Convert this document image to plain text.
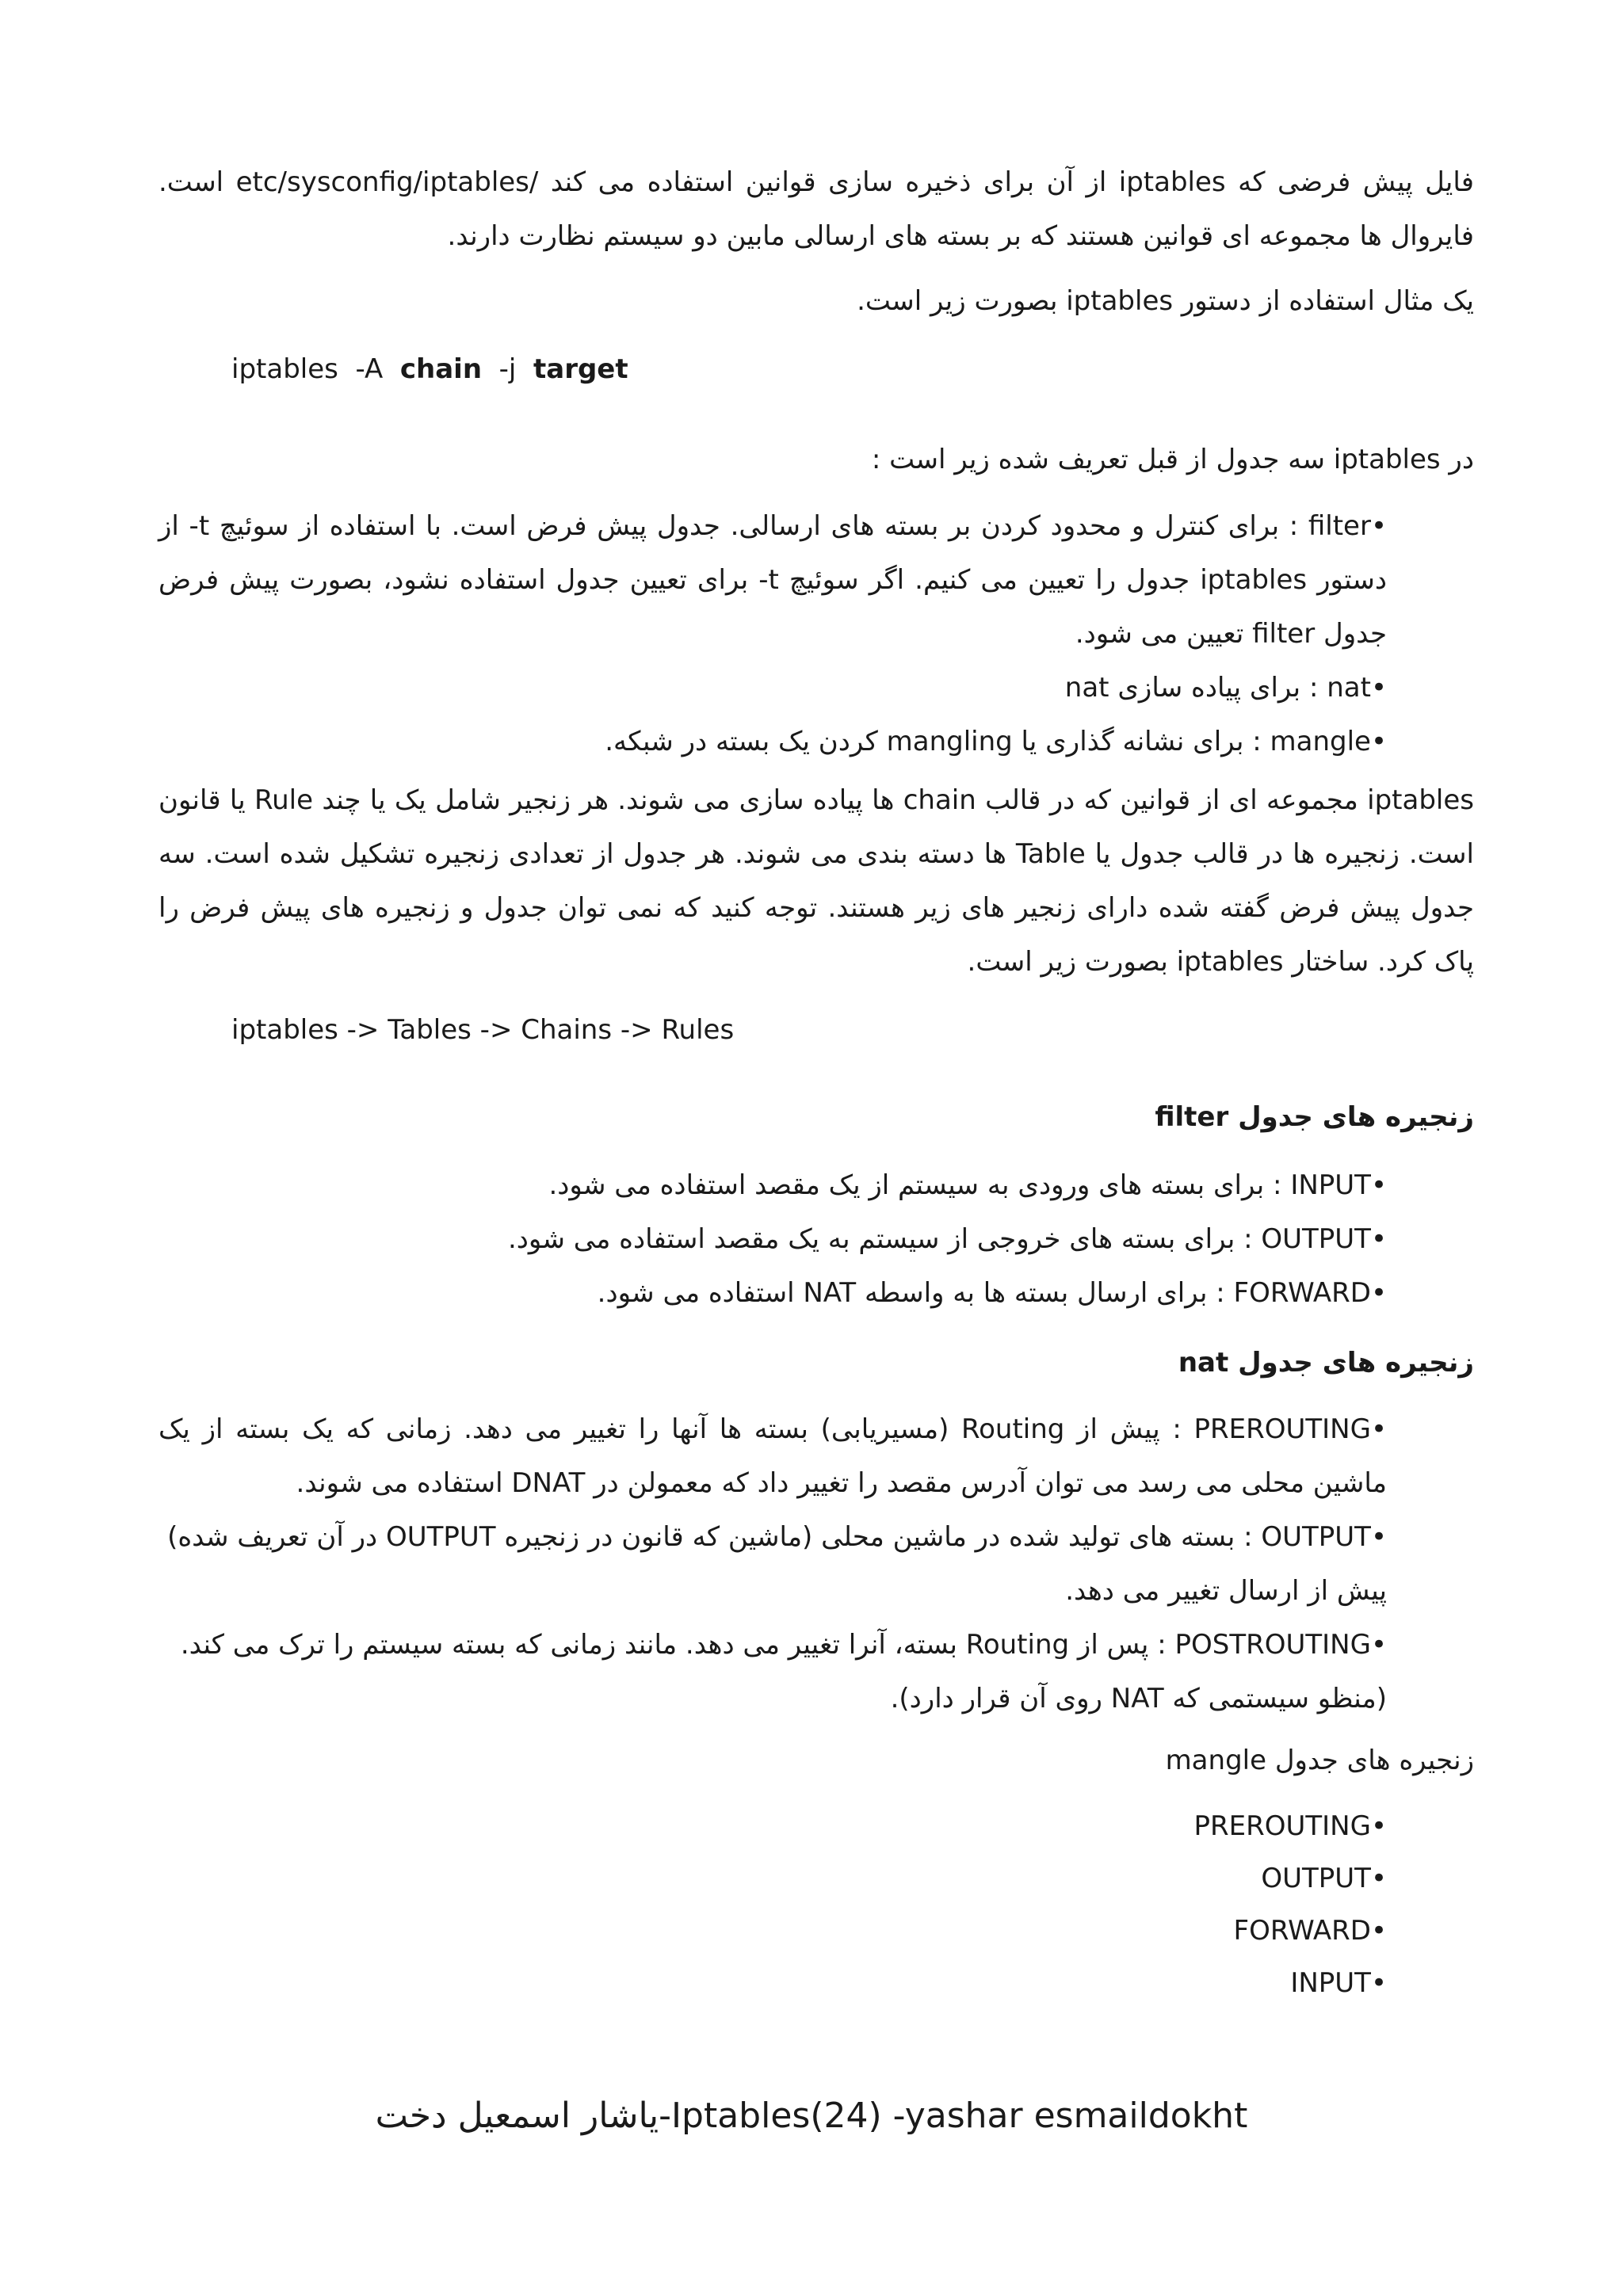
فایل پیش فرضی که iptables از آن برای ذخیره سازی قوانین استفاده می کند /etc/sysconfig/iptables است. فایروال ها مجموعه ای قوانین هستند که بر بسته های ارسالی مابین دو سیستم نظارت دارند.

یک مثال استفاده از دستور iptables بصورت زیر است.

iptables  -A  chain  -j  target

در iptables سه جدول از قبل تعریف شده زیر است :

•filter : برای کنترل و محدود کردن بر بسته های ارسالی. جدول پیش فرض است. با استفاده از سوئیچ t- از دستور iptables جدول را تعیین می کنیم. اگر سوئیچ t- برای تعیین جدول استفاده نشود، بصورت پیش فرض جدول filter تعیین می شود.
•nat : برای پیاده سازی nat
•mangle : برای نشانه گذاری یا mangling کردن یک بسته در شبکه.

iptables مجموعه ای از قوانین که در قالب chain ها پیاده سازی می شوند. هر زنجیر شامل یک یا چند Rule یا قانون است. زنجیره ها در قالب جدول یا Table ها دسته بندی می شوند. هر جدول از تعدادی زنجیره تشکیل شده است. سه جدول پیش فرض گفته شده دارای زنجیر های زیر هستند. توجه کنید که نمی توان جدول و زنجیره های پیش فرض را پاک کرد. ساختار iptables بصورت زیر است.

iptables -> Tables -> Chains -> Rules

زنجیره های جدول filter

•INPUT : برای بسته های ورودی به سیستم از یک مقصد استفاده می شود.
•OUTPUT : برای بسته های خروجی از سیستم به یک مقصد استفاده می شود.
•FORWARD : برای ارسال بسته ها به واسطه NAT استفاده می شود.

زنجیره های جدول nat

•PREROUTING : پیش از Routing (مسیریابی) بسته ها آنها را تغییر می دهد. زمانی که یک بسته از یک ماشین محلی می رسد می توان آدرس مقصد را تغییر داد که معمولن در DNAT استفاده می شوند.
•OUTPUT : بسته های تولید شده در ماشین محلی (ماشین که قانون در زنجیره OUTPUT در آن تعریف شده) پیش از ارسال تغییر می دهد.
•POSTROUTING : پس از Routing بسته، آنرا تغییر می دهد. مانند زمانی که بسته سیستم را ترک می کند. (منظو سیستمی که NAT روی آن قرار دارد).

زنجیره های جدول mangle

•PREROUTING
•OUTPUT
•FORWARD
•INPUT
Iptables(24) -yashar esmaildokht-یاشار اسمعیل دخت
